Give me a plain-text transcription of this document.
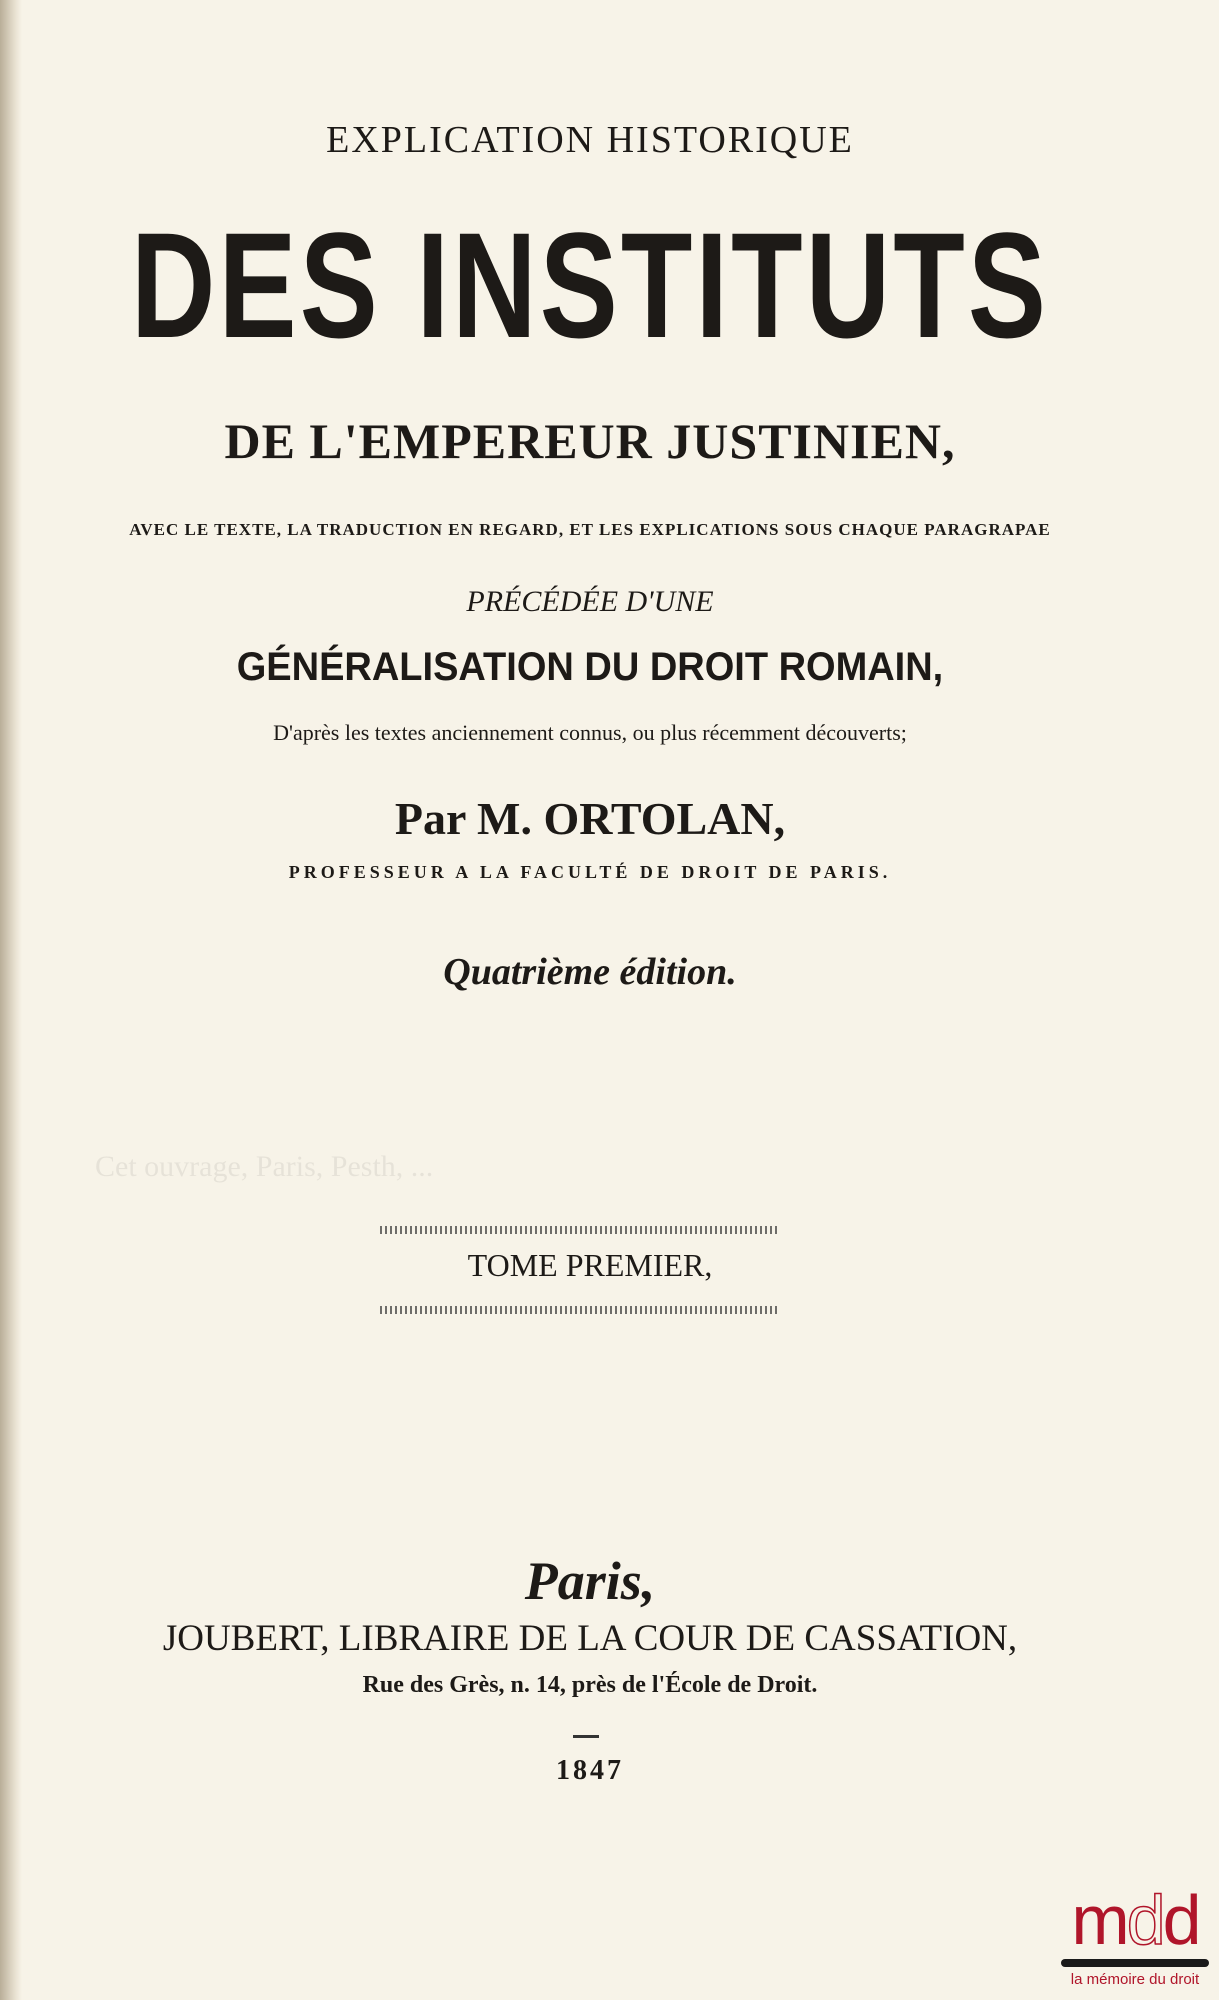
Cet ouvrage, Paris, Pesth, ...
EXPLICATION HISTORIQUE
DES INSTITUTS
DE L'EMPEREUR JUSTINIEN,
AVEC LE TEXTE, LA TRADUCTION EN REGARD, ET LES EXPLICATIONS SOUS CHAQUE PARAGRAPAE
PRÉCÉDÉE D'UNE
GÉNÉRALISATION DU DROIT ROMAIN,
D'après les textes anciennement connus, ou plus récemment découverts;
Par M. ORTOLAN,
PROFESSEUR A LA FACULTÉ DE DROIT DE PARIS.
Quatrième édition.
TOME PREMIER,
Paris,
JOUBERT, LIBRAIRE DE LA COUR DE CASSATION,
Rue des Grès, n. 14, près de l'École de Droit.
1847
mdd
la mémoire du droit
